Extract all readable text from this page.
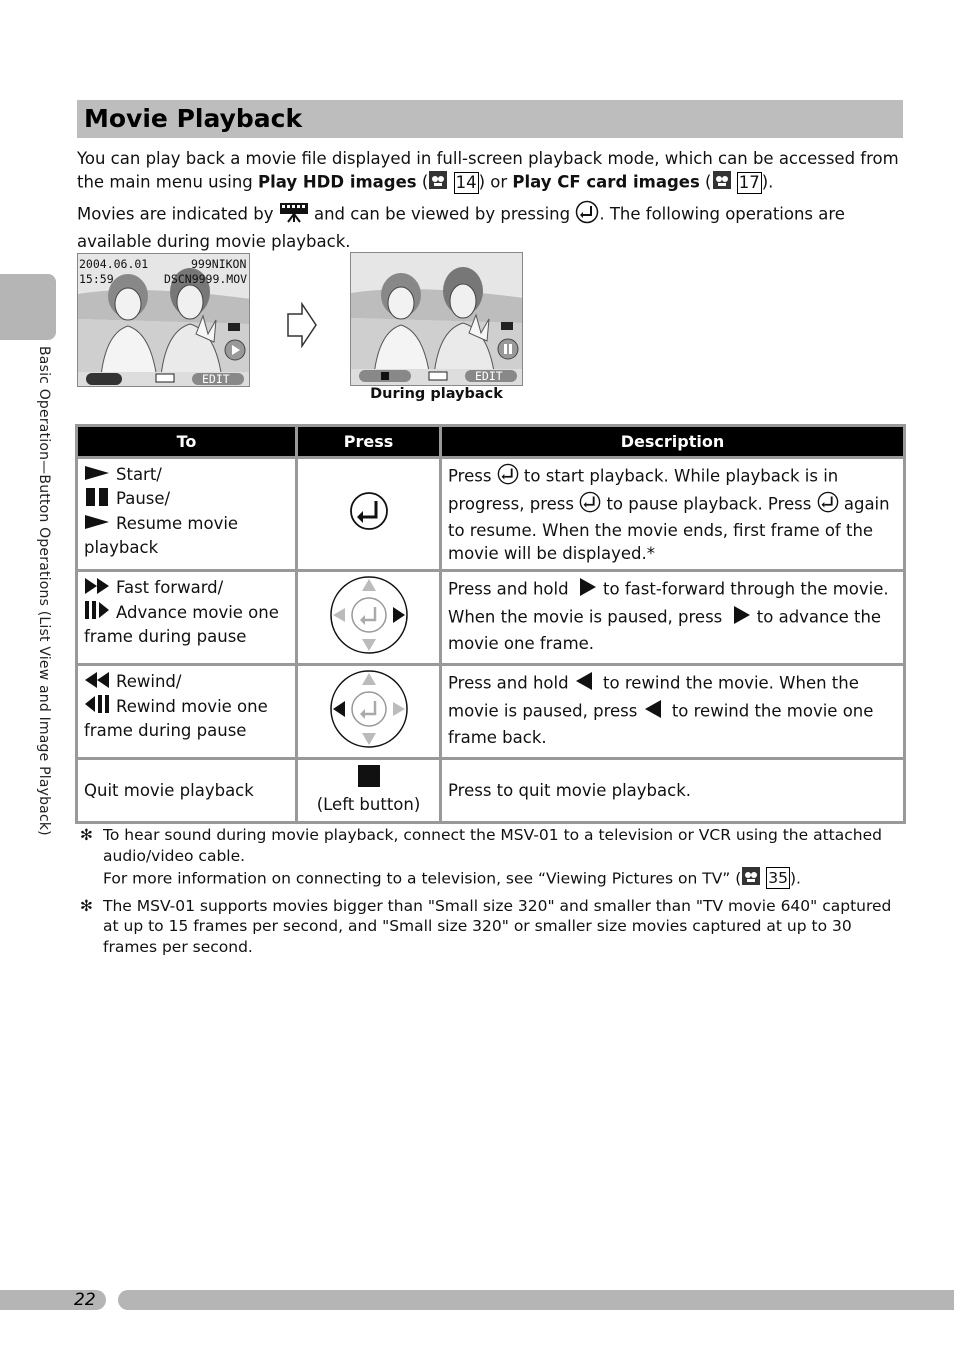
Basic Operation—Button Operations (List View and Image Playback)
Movie Playback

You can play back a movie file displayed in full-screen playback mode, which can be accessed from the main menu using Play HDD images ( 14 ) or Play CF card images ( 17 ).

Movies are indicated by  and can be viewed by pressing . The following operations are available during movie playback.

2004.06.01
15:59
999NIKON
DSCN9999.MOV
EDIT	EDIT
During playback
To	Press	Description

Start/
Pause/
Resume movie
playback		Press  to start playback. While playback is in progress, press  to pause playback. Press  again to resume. When the movie ends, first frame of the movie will be displayed.*

Fast forward/
Advance movie one
frame during pause		Press and hold  to fast-forward through the movie. When the movie is paused, press  to advance the movie one frame.

Rewind/
Rewind movie one
frame during pause		Press and hold  to rewind the movie. When the movie is paused, press  to rewind the movie one frame back.
Quit movie playback	(Left button)	Press to quit movie playback.
✻ To hear sound during movie playback, connect the MSV-01 to a television or VCR using the attached audio/video cable.
For more information on connecting to a television, see “Viewing Pictures on TV” ( 35 ).
✻ The MSV-01 supports movies bigger than "Small size 320" and smaller than "TV movie 640" captured at up to 15 frames per second, and "Small size 320" or smaller size movies captured at up to 30 frames per second.
22
